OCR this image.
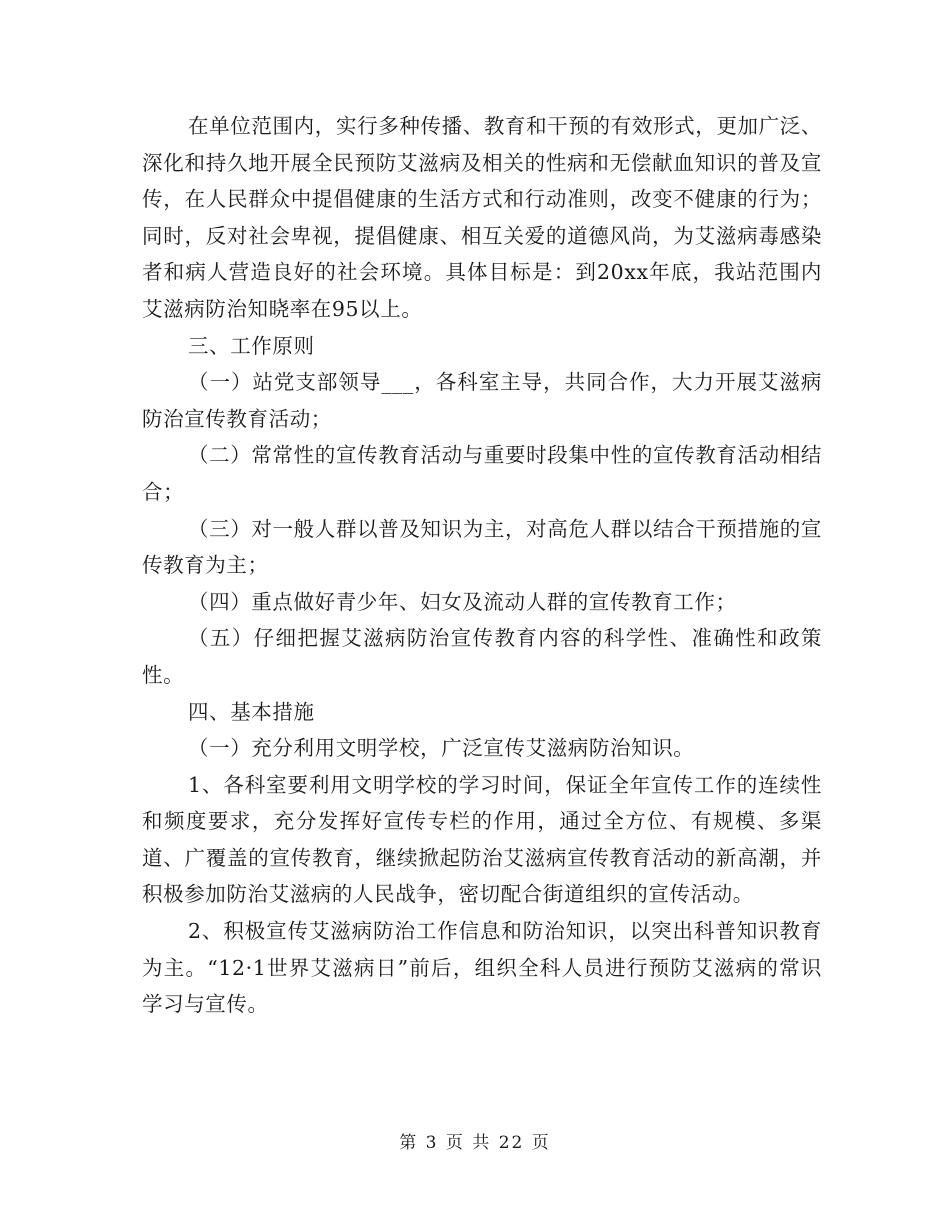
在单位范围内，实行多种传播、教育和干预的有效形式，更加广泛、深化和持久地开展全民预防艾滋病及相关的性病和无偿献血知识的普及宣传，在人民群众中提倡健康的生活方式和行动准则，改变不健康的行为；同时，反对社会卑视，提倡健康、相互关爱的道德风尚，为艾滋病毒感染者和病人营造良好的社会环境。具体目标是：到20xx年底，我站范围内艾滋病防治知晓率在95以上。

三、工作原则

（一）站党支部领导___，各科室主导，共同合作，大力开展艾滋病防治宣传教育活动；

（二）常常性的宣传教育活动与重要时段集中性的宣传教育活动相结合；

（三）对一般人群以普及知识为主，对高危人群以结合干预措施的宣传教育为主；

（四）重点做好青少年、妇女及流动人群的宣传教育工作；

（五）仔细把握艾滋病防治宣传教育内容的科学性、准确性和政策性。

四、基本措施

（一）充分利用文明学校，广泛宣传艾滋病防治知识。

1、各科室要利用文明学校的学习时间，保证全年宣传工作的连续性和频度要求，充分发挥好宣传专栏的作用，通过全方位、有规模、多渠道、广覆盖的宣传教育，继续掀起防治艾滋病宣传教育活动的新高潮，并积极参加防治艾滋病的人民战争，密切配合街道组织的宣传活动。

2、积极宣传艾滋病防治工作信息和防治知识，以突出科普知识教育为主。“12·1世界艾滋病日”前后，组织全科人员进行预防艾滋病的常识学习与宣传。

第 3 页 共 22 页
